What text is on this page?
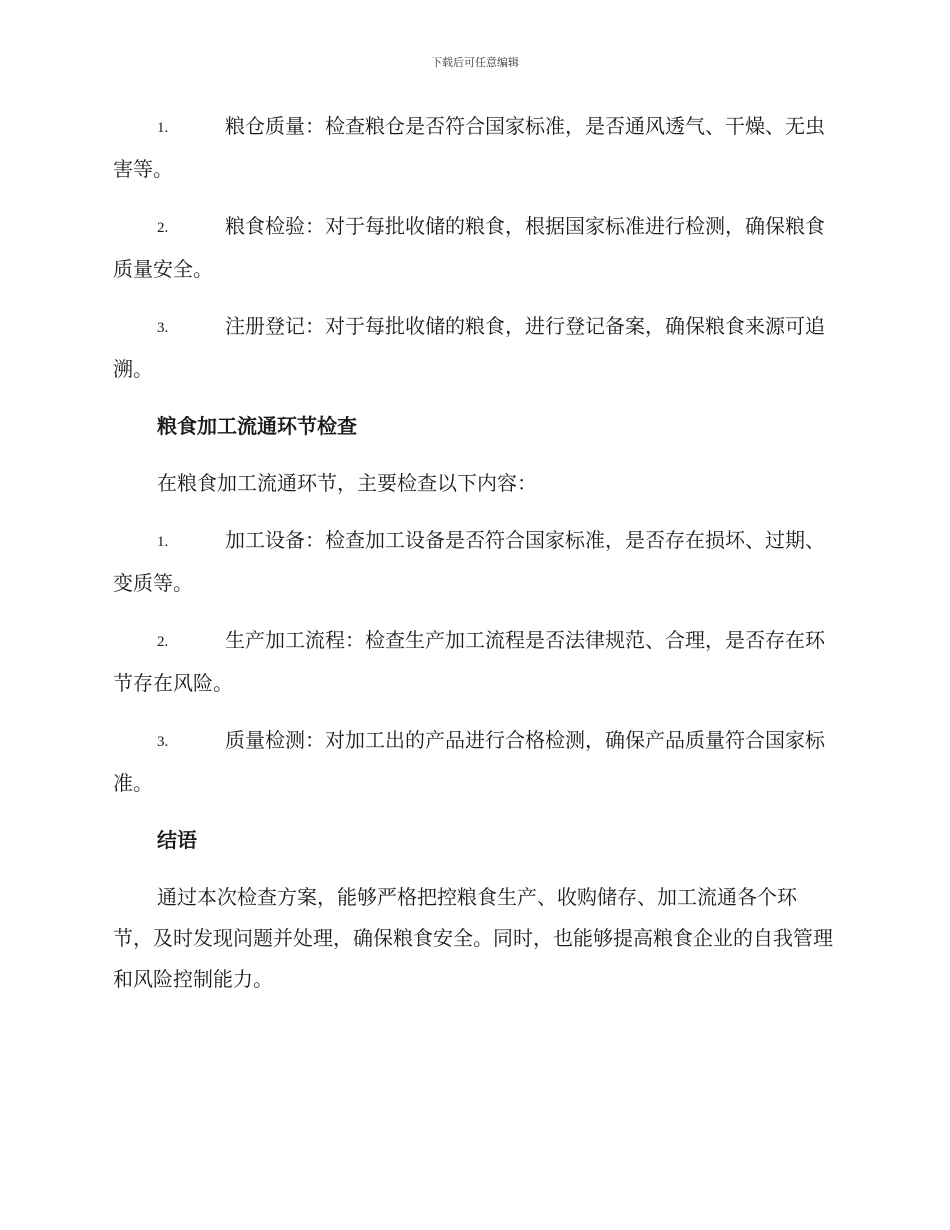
下载后可任意编辑
1.	粮仓质量：检查粮仓是否符合国家标准，是否通风透气、干燥、无虫害等。
2.	粮食检验：对于每批收储的粮食，根据国家标准进行检测，确保粮食质量安全。
3.	注册登记：对于每批收储的粮食，进行登记备案，确保粮食来源可追溯。
粮食加工流通环节检查
在粮食加工流通环节，主要检查以下内容：
1.	加工设备：检查加工设备是否符合国家标准，是否存在损坏、过期、变质等。
2.	生产加工流程：检查生产加工流程是否法律规范、合理，是否存在环节存在风险。
3.	质量检测：对加工出的产品进行合格检测，确保产品质量符合国家标准。
结语
通过本次检查方案，能够严格把控粮食生产、收购储存、加工流通各个环节，及时发现问题并处理，确保粮食安全。同时，也能够提高粮食企业的自我管理和风险控制能力。
